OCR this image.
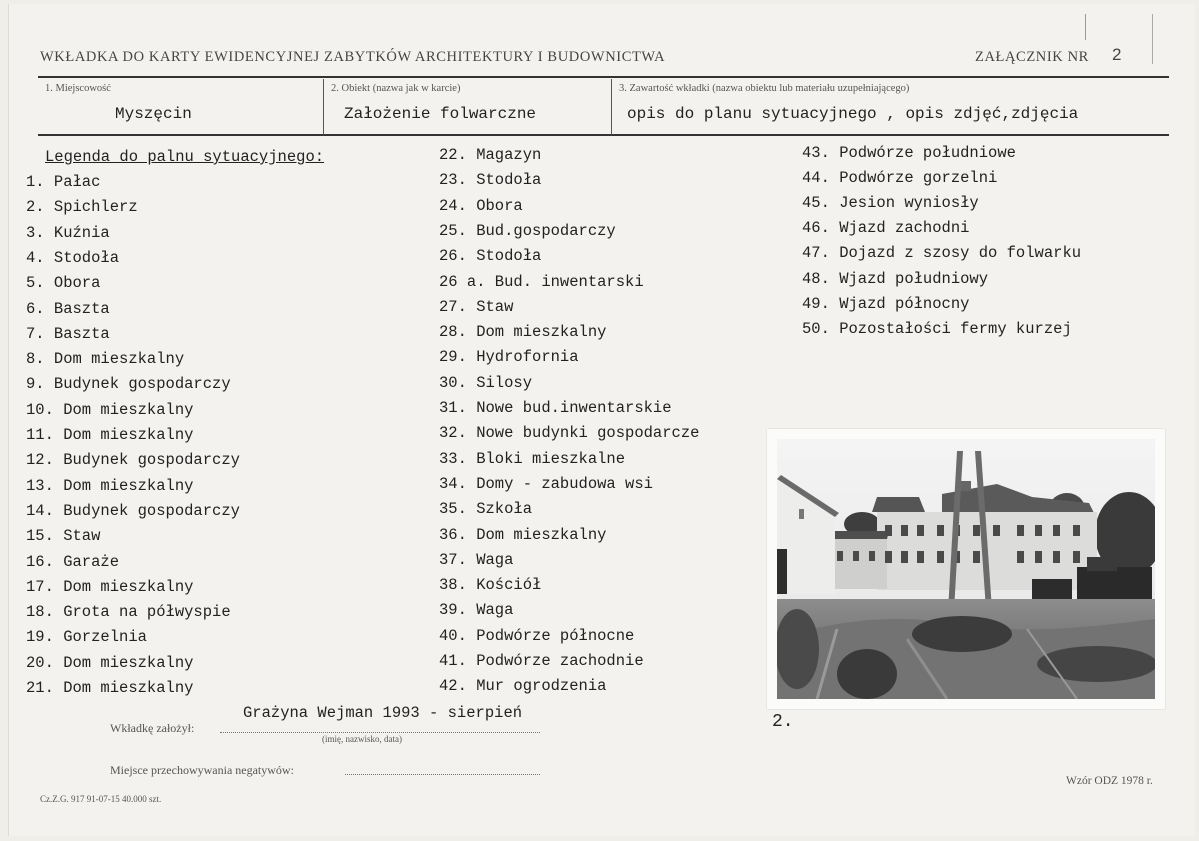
WKŁADKA DO KARTY EWIDENCYJNEJ ZABYTKÓW ARCHITEKTURY I BUDOWNICTWA	ZAŁĄCZNIK NR 2
1. Miejscowość
Myszęcin
2. Obiekt (nazwa jak w karcie)
Założenie folwarczne
3. Zawartość wkładki (nazwa obiektu lub materiału uzupełniającego)
opis do planu sytuacyjnego , opis zdjęć,zdjęcia
Legenda do palnu sytuacyjnego:
1. Pałac
2. Spichlerz
3. Kuźnia
4. Stodoła
5. Obora
6. Baszta
7. Baszta
8. Dom mieszkalny
9. Budynek gospodarczy
10. Dom mieszkalny
11. Dom mieszkalny
12. Budynek gospodarczy
13. Dom mieszkalny
14. Budynek gospodarczy
15. Staw
16. Garaże
17. Dom mieszkalny
18. Grota na półwyspie
19. Gorzelnia
20. Dom mieszkalny
21. Dom mieszkalny
22. Magazyn
23. Stodoła
24. Obora
25. Bud.gospodarczy
26. Stodoła
26 a. Bud. inwentarski
27. Staw
28. Dom mieszkalny
29. Hydrofornia
30. Silosy
31. Nowe bud.inwentarskie
32. Nowe budynki gospodarcze
33. Bloki mieszkalne
34. Domy - zabudowa wsi
35. Szkoła
36. Dom mieszkalny
37. Waga
38. Kościół
39. Waga
40. Podwórze północne
41. Podwórze zachodnie
42. Mur ogrodzenia
43. Podwórze południowe
44. Podwórze gorzelni
45. Jesion wyniosły
46. Wjazd zachodni
47. Dojazd z szosy do folwarku
48. Wjazd południowy
49. Wjazd północny
50. Pozostałości fermy kurzej
2.
Grażyna Wejman 1993 - sierpień
Wkładkę założył:
(imię, nazwisko, data)
Miejsce przechowywania negatywów:
Cz.Z.G. 917 91-07-15 40.000 szt.
Wzór ODZ 1978 r.
